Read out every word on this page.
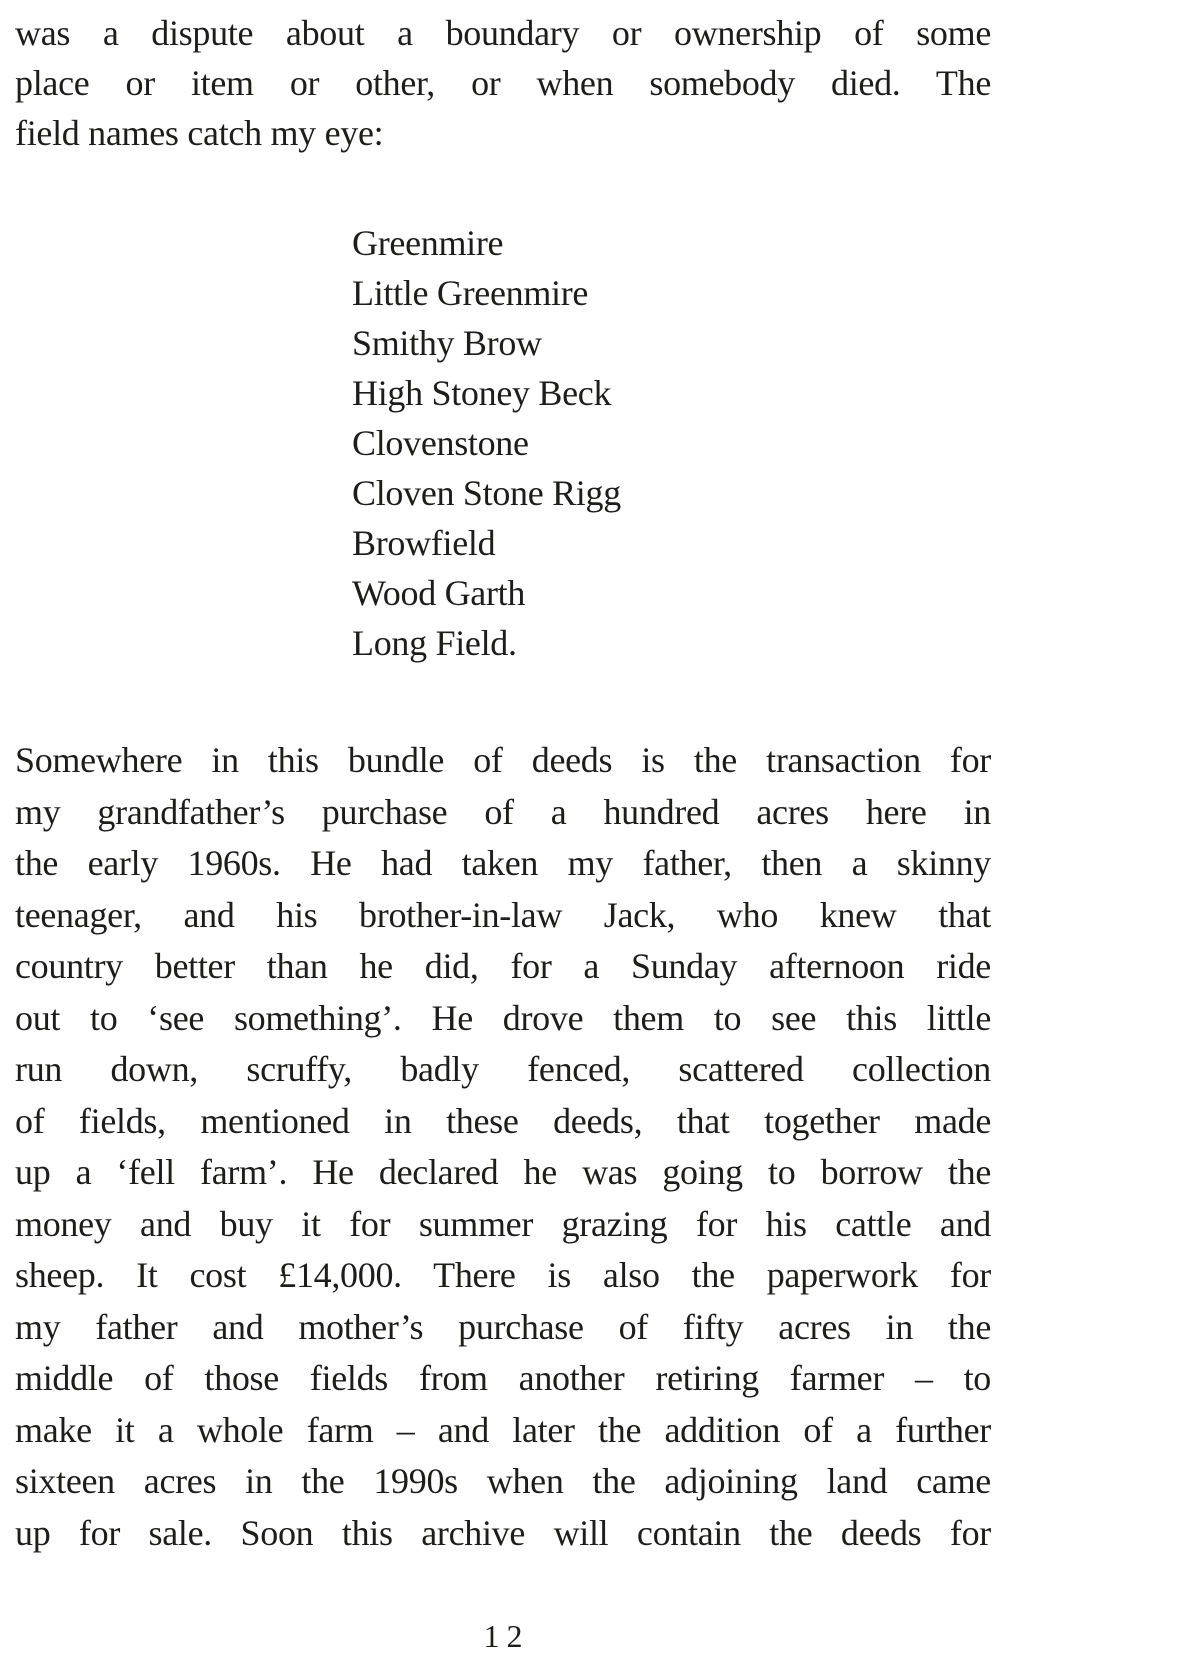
was a dispute about a boundary or ownership of some
place or item or other, or when somebody died. The
field names catch my eye:
Greenmire
Little Greenmire
Smithy Brow
High Stoney Beck
Clovenstone
Cloven Stone Rigg
Browfield
Wood Garth
Long Field.
Somewhere in this bundle of deeds is the transaction for
my grandfather’s purchase of a hundred acres here in
the early 1960s. He had taken my father, then a skinny
teenager, and his brother-in-law Jack, who knew that
country better than he did, for a Sunday afternoon ride
out to ‘see something’. He drove them to see this little
run down, scruffy, badly fenced, scattered collection
of fields, mentioned in these deeds, that together made
up a ‘fell farm’. He declared he was going to borrow the
money and buy it for summer grazing for his cattle and
sheep. It cost £14,000. There is also the paperwork for
my father and mother’s purchase of fifty acres in the
middle of those fields from another retiring farmer – to
make it a whole farm – and later the addition of a further
sixteen acres in the 1990s when the adjoining land came
up for sale. Soon this archive will contain the deeds for
12
